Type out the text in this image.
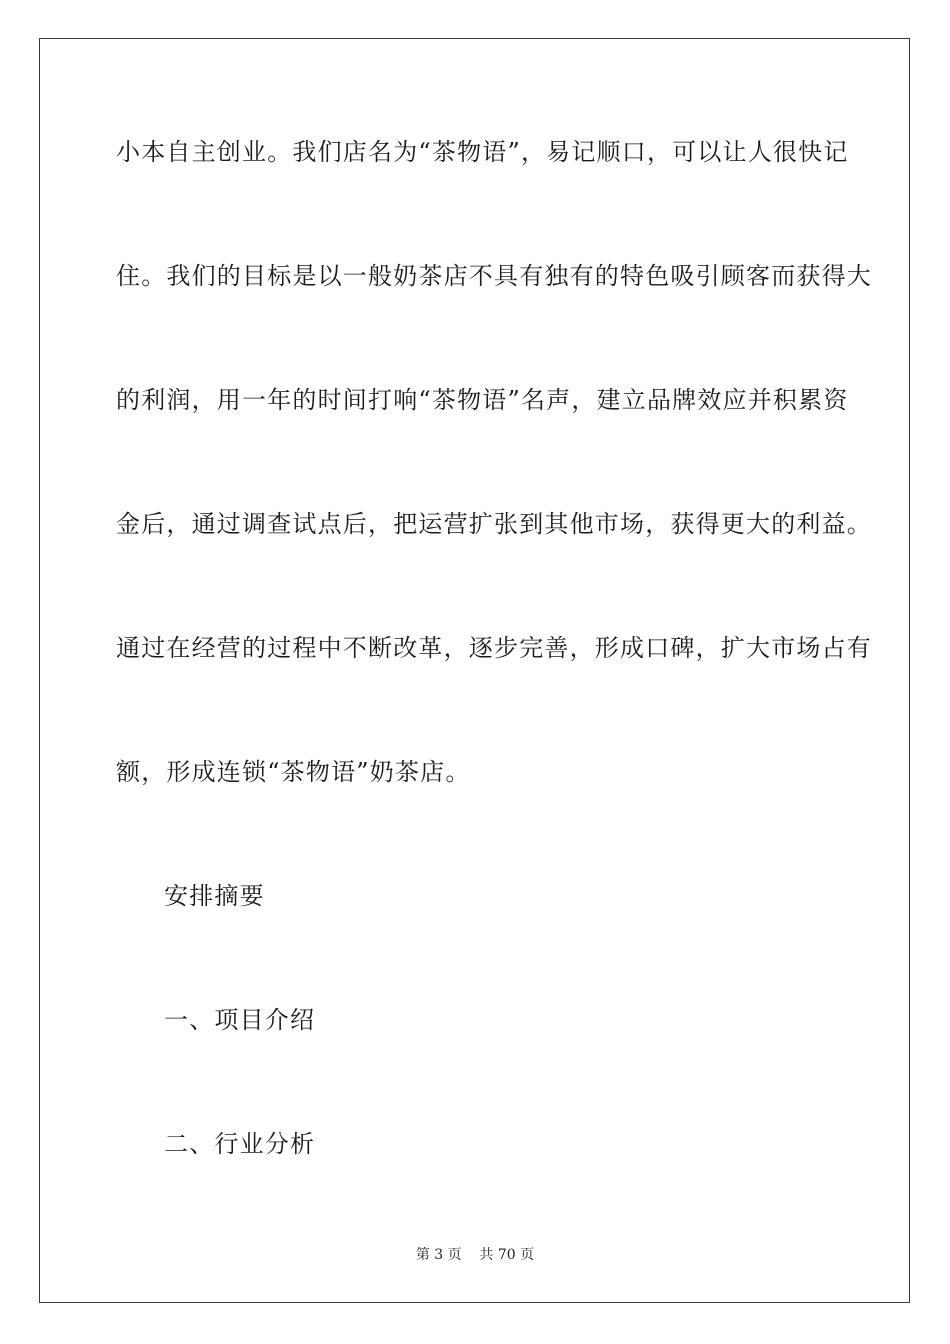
小本自主创业。我们店名为“茶物语”，易记顺口，可以让人很快记
住。我们的目标是以一般奶茶店不具有独有的特色吸引顾客而获得大
的利润，用一年的时间打响“茶物语”名声，建立品牌效应并积累资
金后，通过调查试点后，把运营扩张到其他市场，获得更大的利益。
通过在经营的过程中不断改革，逐步完善，形成口碑，扩大市场占有
额，形成连锁“茶物语”奶茶店。
安排摘要
一、项目介绍
二、行业分析
第 3 页    共 70 页
